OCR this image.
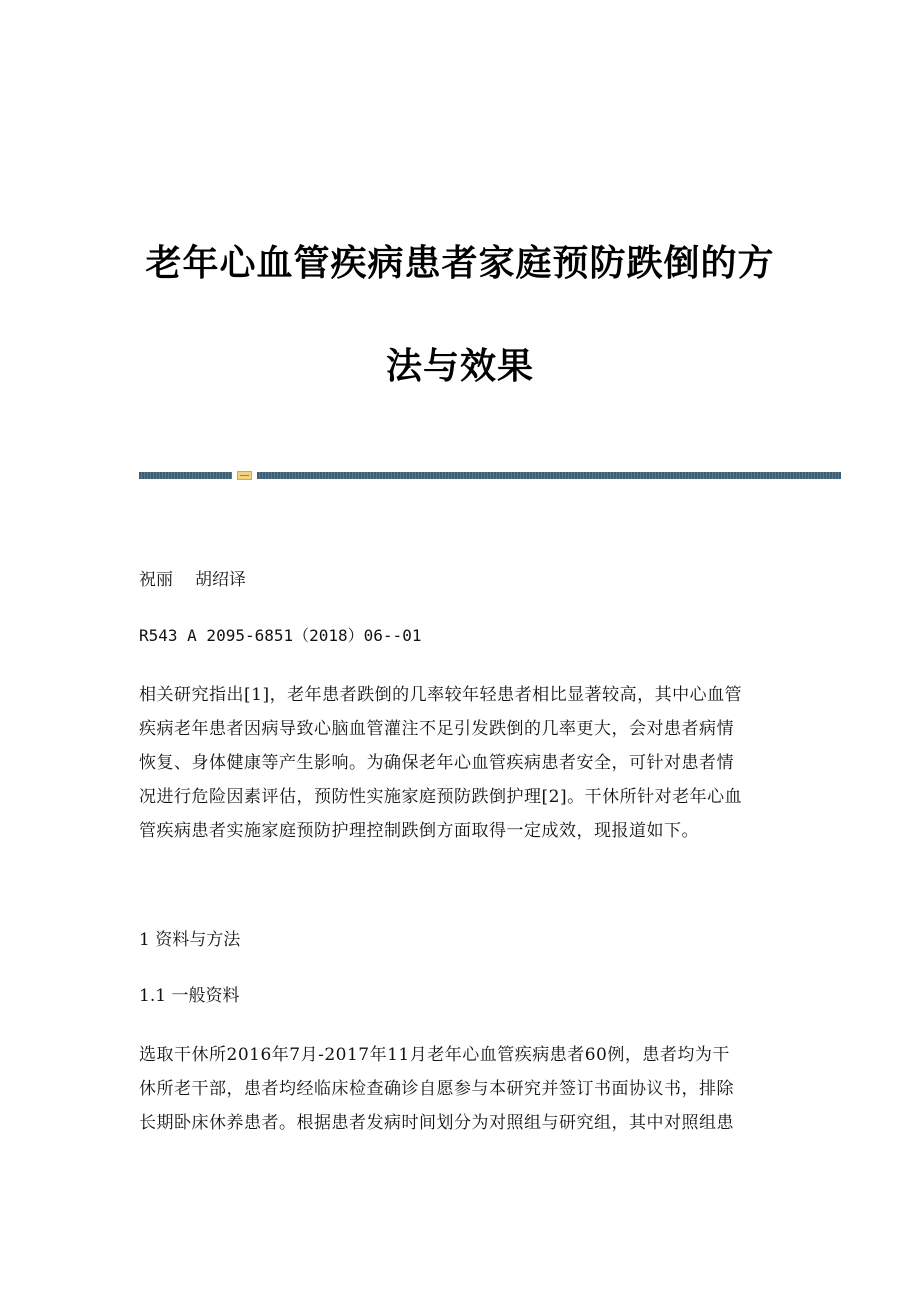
老年心血管疾病患者家庭预防跌倒的方
法与效果

祝丽 胡绍译

R543 A 2095-6851（2018）06--01

相关研究指出[1]，老年患者跌倒的几率较年轻患者相比显著较高，其中心血管
疾病老年患者因病导致心脑血管灌注不足引发跌倒的几率更大，会对患者病情
恢复、身体健康等产生影响。为确保老年心血管疾病患者安全，可针对患者情
况进行危险因素评估，预防性实施家庭预防跌倒护理[2]。干休所针对老年心血
管疾病患者实施家庭预防护理控制跌倒方面取得一定成效，现报道如下。

1 资料与方法

1.1 一般资料

选取干休所2016年7月-2017年11月老年心血管疾病患者60例，患者均为干
休所老干部，患者均经临床检查确诊自愿参与本研究并签订书面协议书，排除
长期卧床休养患者。根据患者发病时间划分为对照组与研究组，其中对照组患
